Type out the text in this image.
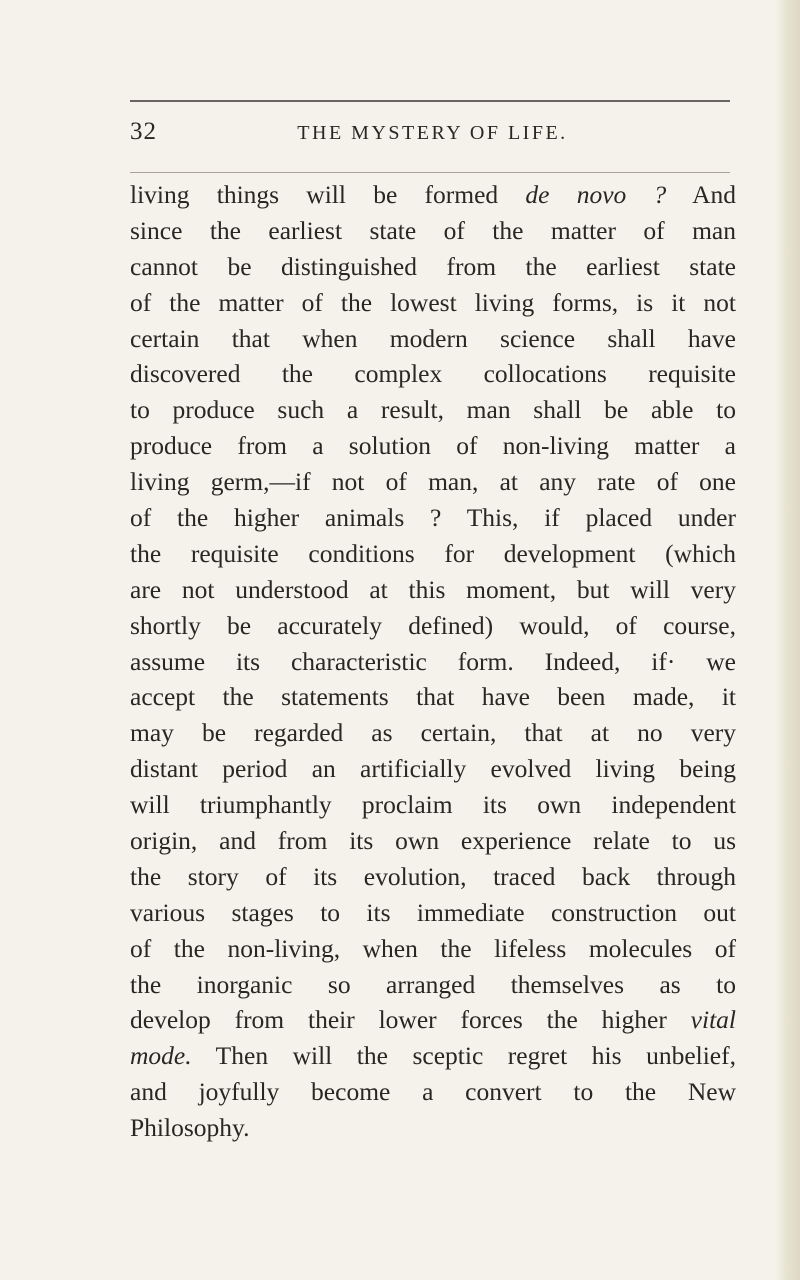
32	THE MYSTERY OF LIFE.
living things will be formed de novo ? And
since the earliest state of the matter of man
cannot be distinguished from the earliest state
of the matter of the lowest living forms, is it not
certain that when modern science shall have
discovered the complex collocations requisite
to produce such a result, man shall be able to
produce from a solution of non-living matter a
living germ,—if not of man, at any rate of one
of the higher animals ? This, if placed under
the requisite conditions for development (which
are not understood at this moment, but will very
shortly be accurately defined) would, of course,
assume its characteristic form. Indeed, if· we
accept the statements that have been made, it
may be regarded as certain, that at no very
distant period an artificially evolved living being
will triumphantly proclaim its own independent
origin, and from its own experience relate to us
the story of its evolution, traced back through
various stages to its immediate construction out
of the non-living, when the lifeless molecules of
the inorganic so arranged themselves as to
develop from their lower forces the higher vital
mode. Then will the sceptic regret his unbelief,
and joyfully become a convert to the New
Philosophy.
